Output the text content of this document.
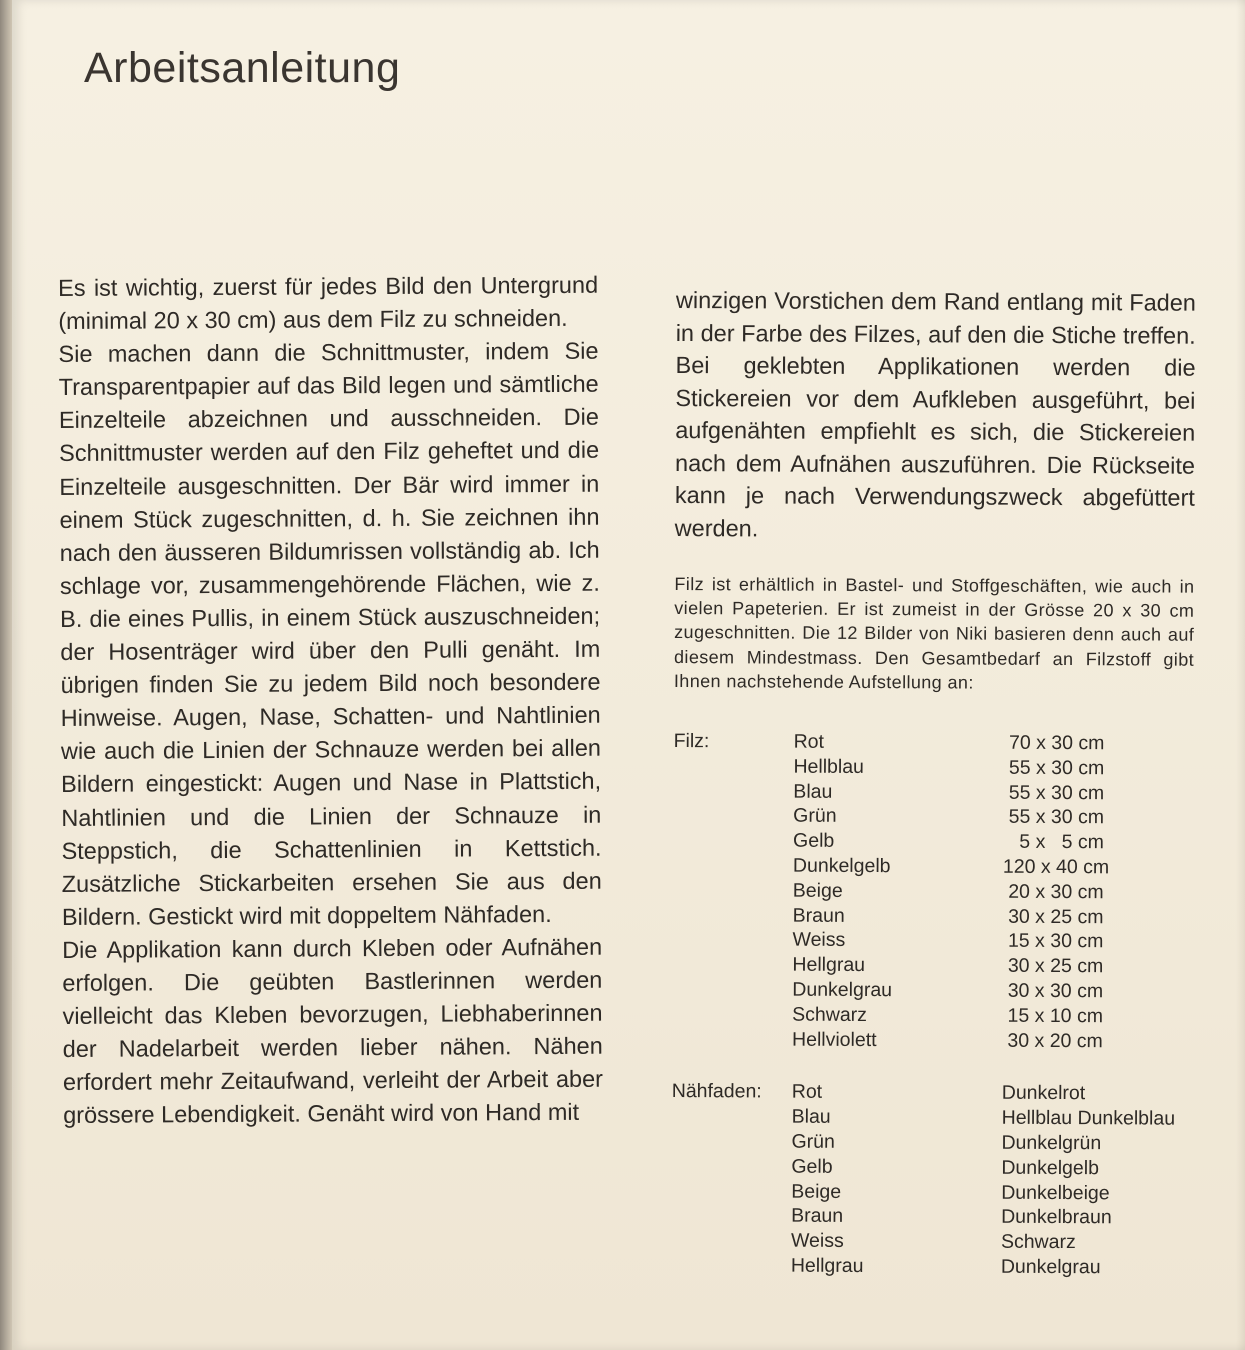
Arbeitsanleitung

Es ist wichtig, zuerst für jedes Bild den Untergrund (minimal 20 x 30 cm) aus dem Filz zu schneiden.

Sie machen dann die Schnittmuster, indem Sie Transparentpapier auf das Bild legen und sämtliche Einzelteile abzeichnen und ausschneiden. Die Schnittmuster werden auf den Filz geheftet und die Einzelteile ausgeschnitten. Der Bär wird immer in einem Stück zugeschnitten, d. h. Sie zeichnen ihn nach den äusseren Bildumrissen vollständig ab. Ich schlage vor, zusammengehörende Flächen, wie z. B. die eines Pullis, in einem Stück auszuschneiden; der Hosenträger wird über den Pulli genäht. Im übrigen finden Sie zu jedem Bild noch besondere Hinweise. Augen, Nase, Schatten- und Nahtlinien wie auch die Linien der Schnauze werden bei allen Bildern eingestickt: Augen und Nase in Plattstich, Nahtlinien und die Linien der Schnauze in Steppstich, die Schattenlinien in Kettstich. Zusätzliche Stickarbeiten ersehen Sie aus den Bildern. Gestickt wird mit doppeltem Nähfaden.

Die Applikation kann durch Kleben oder Aufnähen erfolgen. Die geübten Bastlerinnen werden vielleicht das Kleben bevorzugen, Liebhaberinnen der Nadelarbeit werden lieber nähen. Nähen erfordert mehr Zeitaufwand, verleiht der Arbeit aber grössere Lebendigkeit. Genäht wird von Hand mit

winzigen Vorstichen dem Rand entlang mit Faden in der Farbe des Filzes, auf den die Stiche treffen. Bei geklebten Applikationen werden die Stickereien vor dem Aufkleben ausgeführt, bei aufgenähten empfiehlt es sich, die Stickereien nach dem Aufnähen auszuführen. Die Rückseite kann je nach Verwendungszweck abgefüttert werden.

Filz ist erhältlich in Bastel- und Stoffgeschäften, wie auch in vielen Papeterien. Er ist zumeist in der Grösse 20 x 30 cm zugeschnitten. Die 12 Bilder von Niki basieren denn auch auf diesem Mindestmass. Den Gesamtbedarf an Filzstoff gibt Ihnen nachstehende Aufstellung an:

Filz:	Rot	70 x 30 cm
Hellblau	55 x 30 cm
Blau	55 x 30 cm
Grün	55 x 30 cm
Gelb	5 x   5 cm
Dunkelgelb	120 x 40 cm
Beige	20 x 30 cm
Braun	30 x 25 cm
Weiss	15 x 30 cm
Hellgrau	30 x 25 cm
Dunkelgrau	30 x 30 cm
Schwarz	15 x 10 cm
Hellviolett	30 x 20 cm
Nähfaden:	Rot	Dunkelrot
Blau	Hellblau Dunkelblau
Grün	Dunkelgrün
Gelb	Dunkelgelb
Beige	Dunkelbeige
Braun	Dunkelbraun
Weiss	Schwarz
Hellgrau	Dunkelgrau
